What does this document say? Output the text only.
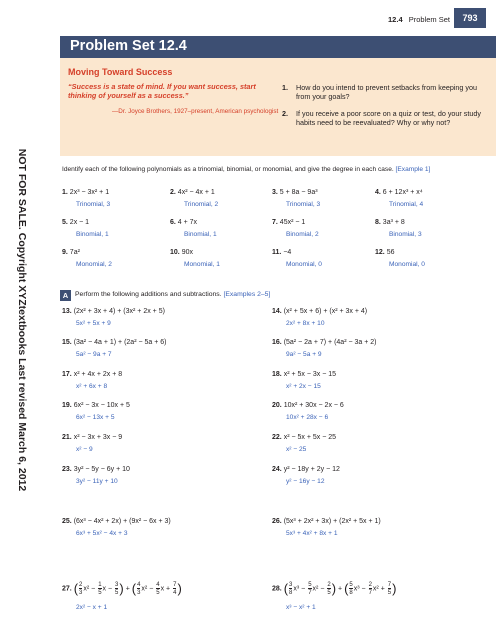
12.4 Problem Set	793
Problem Set 12.4
Moving Toward Success
“Success is a state of mind. If you want success, start thinking of yourself as a success.”
—Dr. Joyce Brothers, 1927–present, American psychologist
1. How do you intend to prevent setbacks from keeping you from your goals?
2. If you receive a poor score on a quiz or test, do your study habits need to be reevaluated? Why or why not?
NOT FOR SALE. Copyright XYZtextbooks Last revised March 6, 2012	Identify each of the following polynomials as a trinomial, binomial, or monomial, and give the degree in each case. [Example 1]
1. 2x³ − 3x² + 1
Trinomial, 3
2. 4x² − 4x + 1
Trinomial, 2
3. 5 + 8a − 9a³
Trinomial, 3
4. 6 + 12x³ + x⁴
Trinomial, 4
5. 2x − 1
Binomial, 1
6. 4 + 7x
Binomial, 1
7. 45x² − 1
Binomial, 2
8. 3a³ + 8
Binomial, 3
9. 7a²
Monomial, 2
10. 90x
Monomial, 1
11. −4
Monomial, 0
12. 56
Monomial, 0
A Perform the following additions and subtractions. [Examples 2–5]
13. (2x² + 3x + 4) + (3x² + 2x + 5)
5x² + 5x + 9
14. (x² + 5x + 6) + (x² + 3x + 4)
2x² + 8x + 10
15. (3a² − 4a + 1) + (2a² − 5a + 6)
5a² − 9a + 7
16. (5a² − 2a + 7) + (4a² − 3a + 2)
9a² − 5a + 9
17. x² + 4x + 2x + 8
x² + 6x + 8
18. x² + 5x − 3x − 15
x² + 2x − 15
19. 6x² − 3x − 10x + 5
6x² − 13x + 5
20. 10x² + 30x − 2x − 6
10x² + 28x − 6
21. x² − 3x + 3x − 9
x² − 9
22. x² − 5x + 5x − 25
x² − 25
23. 3y² − 5y − 6y + 10
3y² − 11y + 10
24. y² − 18y + 2y − 12
y² − 16y − 12
25. (6x³ − 4x² + 2x) + (9x² − 6x + 3)
6x³ + 5x² − 4x + 3
26. (5x³ + 2x² + 3x) + (2x² + 5x + 1)
5x³ + 4x² + 8x + 1
27. ( $\frac{2}{3} x^2 - \frac{1}{5}$ $x - \frac{3}{5}$ ) + ( $\frac{4}{3} x^2 - \frac{4}{5}$ $x + \frac{7}{4}$ )
2x² − x + 1
28. ( $\frac{3}{8} x^3 - \frac{5}{7} x^2 - \frac{2}{5}$ ) + ( $\frac{5}{8} x^3 - \frac{2}{7} x^2 + \frac{7}{5}$ )
x³ − x² + 1
